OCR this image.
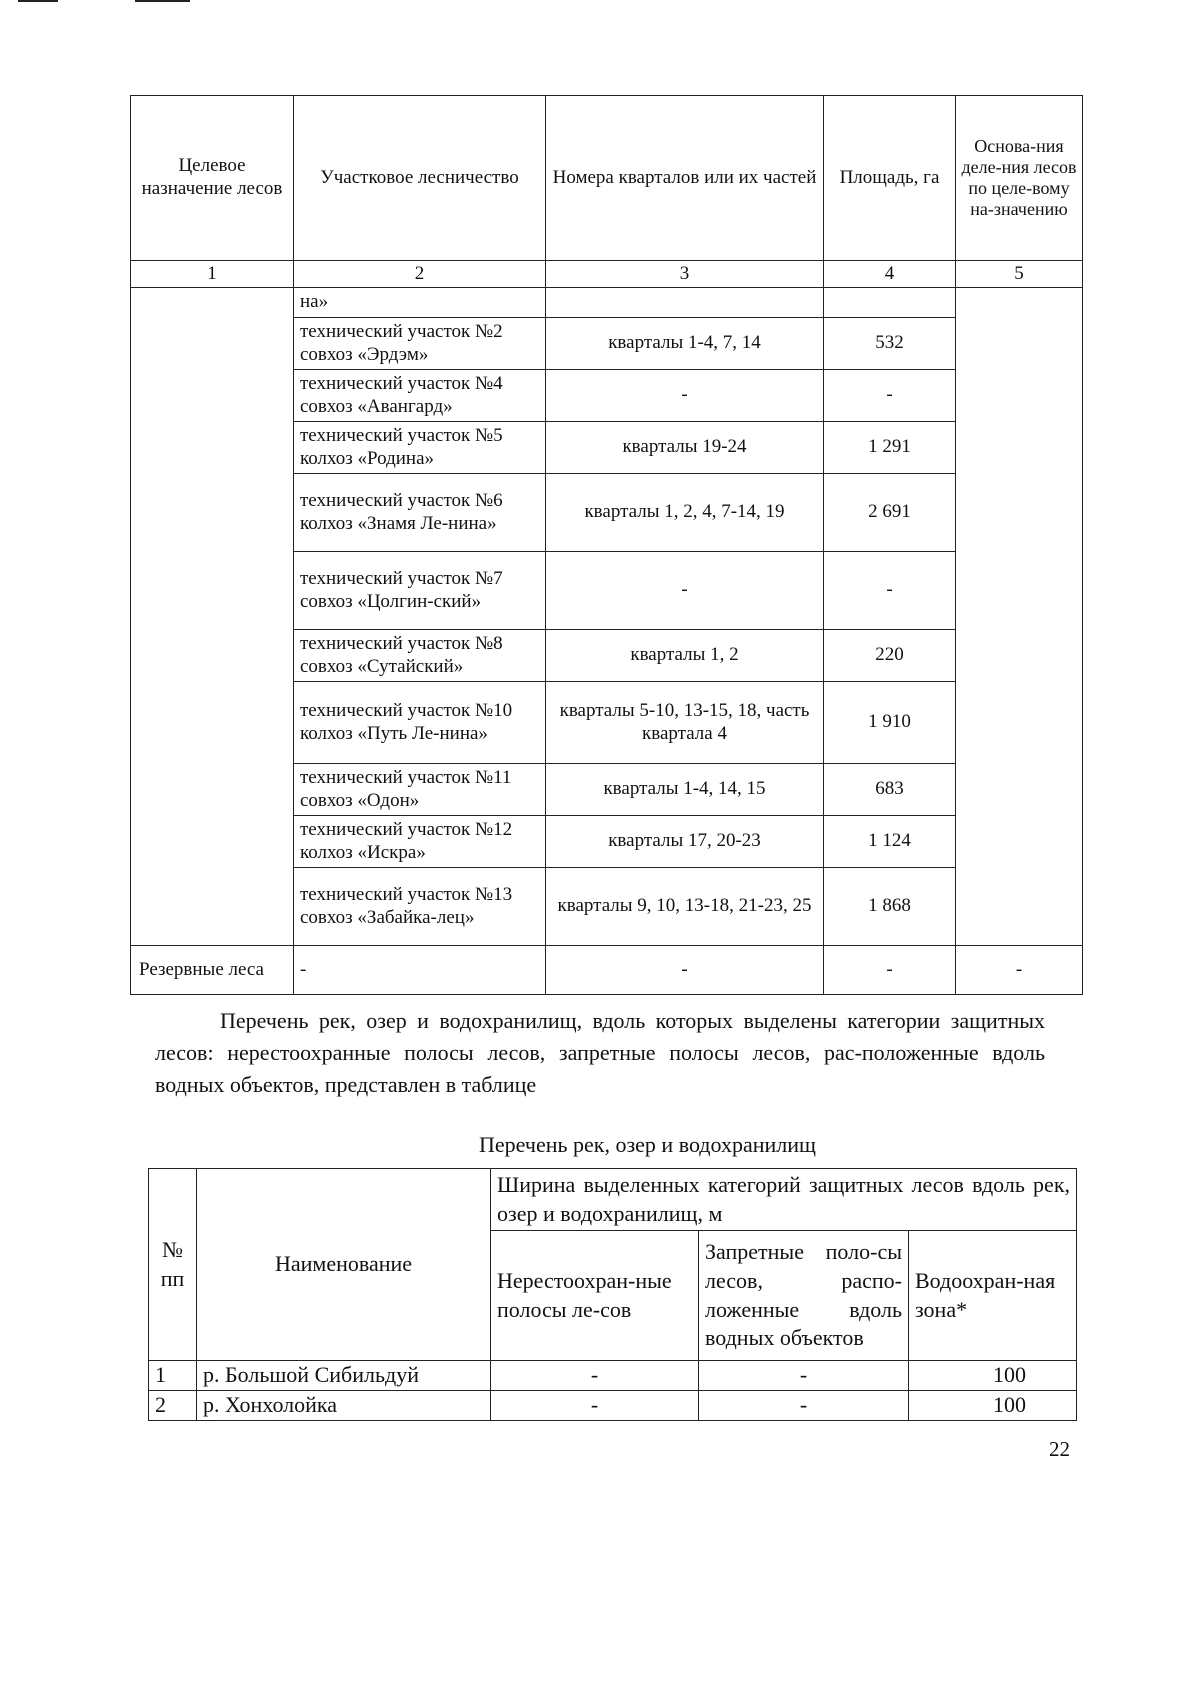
Целевое назначение лесов	Участковое лесничество	Номера кварталов или их частей	Площадь, га	Основа-ния деле-ния лесов по целе-вому на-значению
1	2	3	4	5
	на»			
	технический участок №2 совхоз «Эрдэм»	кварталы 1-4, 7, 14	532	
	технический участок №4 совхоз «Авангард»	-	-	
	технический участок №5 колхоз «Родина»	кварталы 19-24	1 291	
	технический участок №6 колхоз «Знамя Ле-нина»	кварталы 1, 2, 4, 7-14, 19	2 691	
	технический участок №7 совхоз «Цолгин-ский»	-	-	
	технический участок №8 совхоз «Сутайский»	кварталы 1, 2	220	
	технический участок №10 колхоз «Путь Ле-нина»	кварталы 5-10, 13-15, 18, часть квартала 4	1 910	
	технический участок №11 совхоз «Одон»	кварталы 1-4, 14, 15	683	
	технический участок №12 колхоз «Искра»	кварталы 17, 20-23	1 124	
	технический участок №13 совхоз «Забайка-лец»	кварталы 9, 10, 13-18, 21-23, 25	1 868	
Резервные леса	-	-	-	-
Перечень рек, озер и водохранилищ, вдоль которых выделены категории защитных лесов: нерестоохранные полосы лесов, запретные полосы лесов, рас-положенные вдоль водных объектов, представлен в таблице
Перечень рек, озер и водохранилищ
№ пп	Наименование	Ширина выделенных категорий защитных лесов вдоль рек, озер и водохранилищ, м		
		Нерестоохран-ные полосы ле-сов	Запретные поло-сы лесов, распо-ложенные вдоль водных объектов	Водоохран-ная зона*
1	р. Большой Сибильдуй	-	-	100
2	р. Хонхолойка	-	-	100
22
